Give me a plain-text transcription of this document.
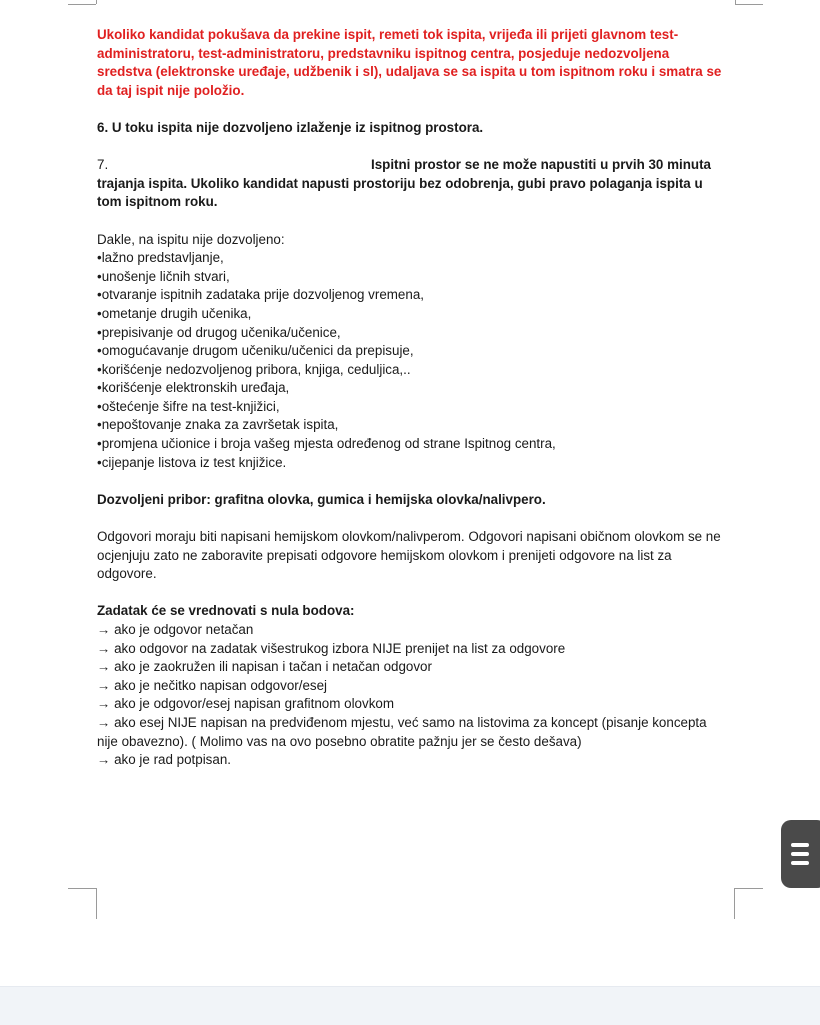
Ukoliko kandidat pokušava da prekine ispit, remeti tok ispita, vrijeđa ili prijeti glavnom test-administratoru, test-administratoru, predstavniku ispitnog centra, posjeduje nedozvoljena sredstva (elektronske uređaje, udžbenik i sl), udaljava se sa ispita u tom ispitnom roku i smatra se da taj ispit nije položio.

6. U toku ispita nije dozvoljeno izlaženje iz ispitnog prostora.

7.	Ispitni prostor se ne može napustiti u prvih 30 minuta

trajanja ispita. Ukoliko kandidat napusti prostoriju bez odobrenja, gubi pravo polaganja ispita u tom ispitnom roku.

Dakle, na ispitu nije dozvoljeno:

•lažno predstavljanje,

•unošenje ličnih stvari,

•otvaranje ispitnih zadataka prije dozvoljenog vremena,

•ometanje drugih učenika,

•prepisivanje od drugog učenika/učenice,

•omogućavanje drugom učeniku/učenici da prepisuje,

•korišćenje nedozvoljenog pribora, knjiga, ceduljica,..

•korišćenje elektronskih uređaja,

•oštećenje šifre na test-knjižici,

•nepoštovanje znaka za završetak ispita,

•promjena učionice i broja vašeg mjesta određenog od strane Ispitnog centra,

•cijepanje listova iz test knjižice.

Dozvoljeni pribor: grafitna olovka, gumica i hemijska olovka/nalivpero.

Odgovori moraju biti napisani hemijskom olovkom/nalivperom. Odgovori napisani običnom olovkom se ne ocjenjuju zato ne zaboravite prepisati odgovore hemijskom olovkom i prenijeti odgovore na list za odgovore.

Zadatak će se vrednovati s nula bodova:

→ ako je odgovor netačan

→ ako odgovor na zadatak višestrukog izbora NIJE prenijet na list za odgovore

→ ako je zaokružen ili napisan i tačan i netačan odgovor

→ ako je nečitko napisan odgovor/esej

→ ako je odgovor/esej napisan grafitnom olovkom

→ ako esej NIJE napisan na predviđenom mjestu, već samo na listovima za koncept (pisanje koncepta nije obavezno). ( Molimo vas na ovo posebno obratite pažnju jer se često dešava)

→ ako je rad potpisan.
